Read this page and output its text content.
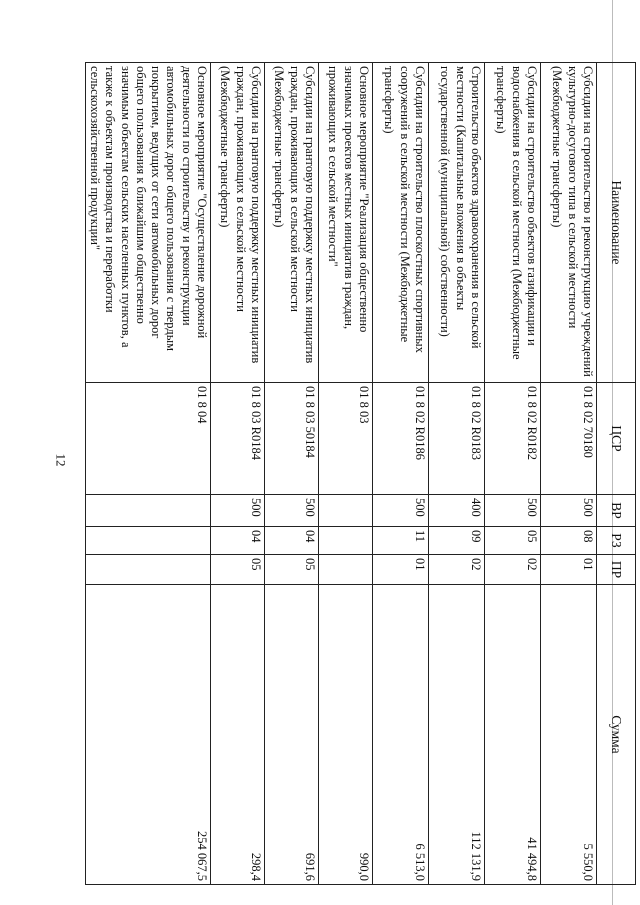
12
Наименование	ЦСР	ВР	РЗ	ПР	Сумма
Субсидии на строительство и реконструкцию учреждений культурно-досугового типа в сельской местности (Межбюджетные трансферты)	01 8 02 70180	500	08	01	5 550,0
Субсидии на строительство объектов газификации и водоснабжения в сельской местности (Межбюджетные трансферты)	01 8 02 R0182	500	05	02	41 494,8
Строительство объектов здравоохранения в сельской местности (Капитальные вложения в объекты государственной (муниципальной) собственности)	01 8 02 R0183	400	09	02	112 131,9
Субсидии на строительство плоскостных спортивных сооружений в сельской местности (Межбюджетные трансферты)	01 8 02 R0186	500	11	01	6 513,0
Основное мероприятие "Реализация общественно значимых проектов местных инициатив граждан, проживающих в сельской местности"	01 8 03				990,0
Субсидии на грантовую поддержку местных инициатив граждан, проживающих в сельской местности (Межбюджетные трансферты)	01 8 03 50184	500	04	05	691,6
Субсидии на грантовую поддержку местных инициатив граждан, проживающих в сельской местности (Межбюджетные трансферты)	01 8 03 R0184	500	04	05	298,4
Основное мероприятие "Осуществление дорожной деятельности по строительству и реконструкции автомобильных дорог общего пользования с твердым покрытием, ведущих от сети автомобильных дорог общего пользования к ближайшим общественно значимым объектам сельских населенных пунктов, а также к объектам производства и переработки сельскохозяйственной продукции"	01 8 04				254 067,5
